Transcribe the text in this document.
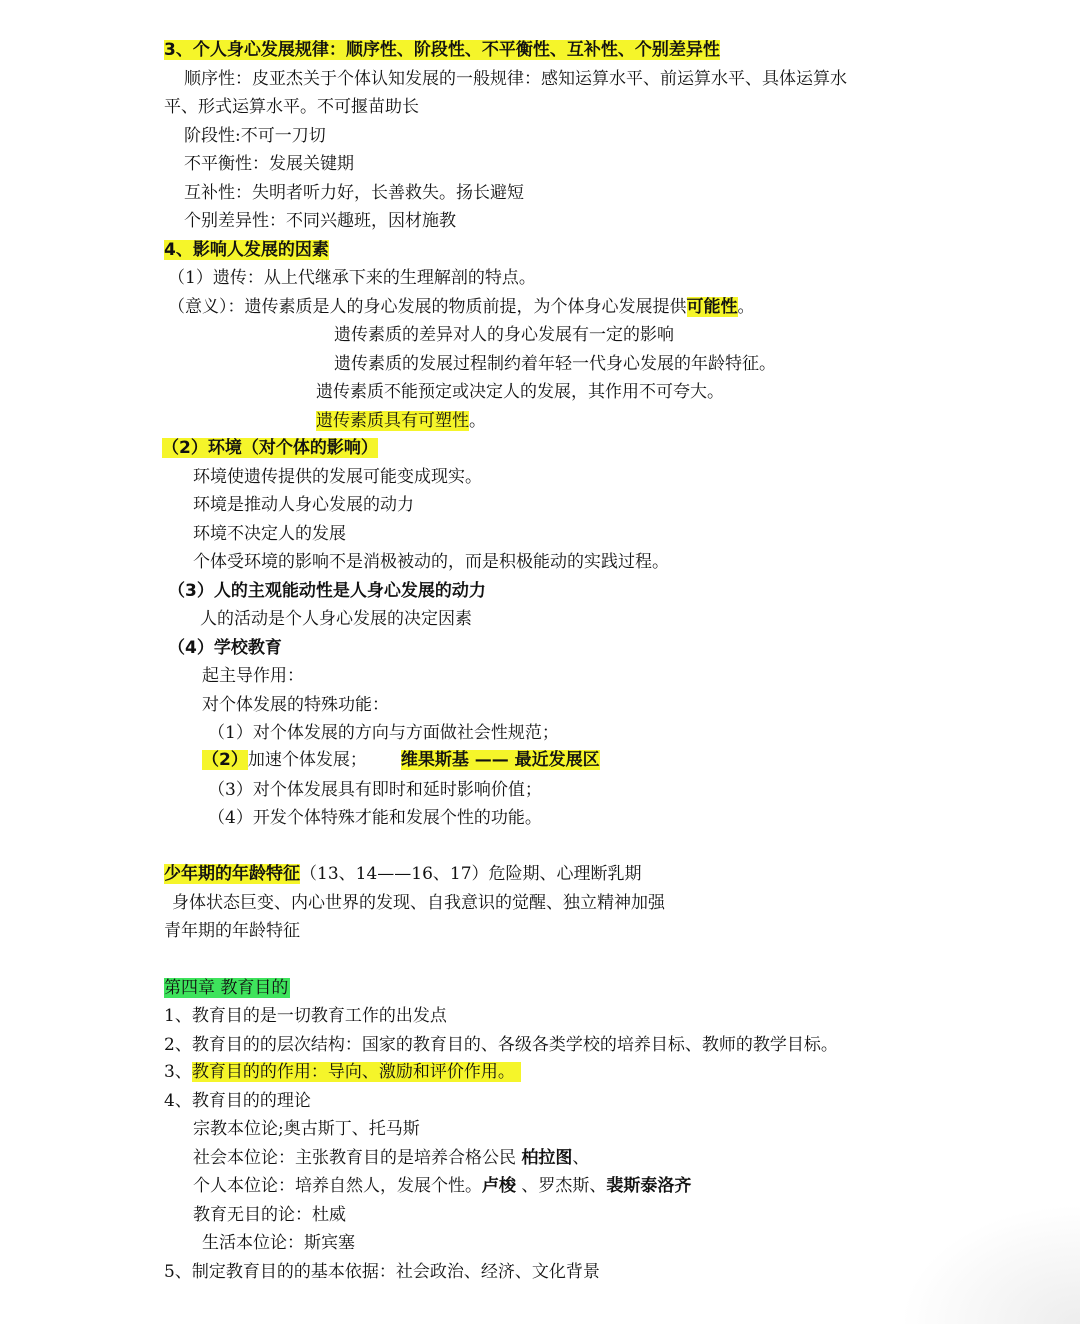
3、个人身心发展规律：顺序性、阶段性、不平衡性、互补性、个别差异性
顺序性：皮亚杰关于个体认知发展的一般规律：感知运算水平、前运算水平、具体运算水
平、形式运算水平。不可揠苗助长
阶段性:不可一刀切
不平衡性：发展关键期
互补性：失明者听力好，长善救失。扬长避短
个别差异性：不同兴趣班，因材施教
4、影响人发展的因素
（1）遗传：从上代继承下来的生理解剖的特点。
（意义）：遗传素质是人的身心发展的物质前提，为个体身心发展提供可能性。
遗传素质的差异对人的身心发展有一定的影响
遗传素质的发展过程制约着年轻一代身心发展的年龄特征。
遗传素质不能预定或决定人的发展，其作用不可夸大。
遗传素质具有可塑性。
（2）环境（对个体的影响）
环境使遗传提供的发展可能变成现实。
环境是推动人身心发展的动力
环境不决定人的发展
个体受环境的影响不是消极被动的，而是积极能动的实践过程。
（3）人的主观能动性是人身心发展的动力
人的活动是个人身心发展的决定因素
（4）学校教育
起主导作用：
对个体发展的特殊功能：
（1）对个体发展的方向与方面做社会性规范；
（2）加速个体发展； 维果斯基 —— 最近发展区
（3）对个体发展具有即时和延时影响价值；
（4）开发个体特殊才能和发展个性的功能。
少年期的年龄特征（13、14——16、17）危险期、心理断乳期
身体状态巨变、内心世界的发现、自我意识的觉醒、独立精神加强
青年期的年龄特征
第四章 教育目的
1、教育目的是一切教育工作的出发点
2、教育目的的层次结构：国家的教育目的、各级各类学校的培养目标、教师的教学目标。
3、教育目的的作用：导向、激励和评价作用。
4、教育目的的理论
宗教本位论;奥古斯丁、托马斯
社会本位论：主张教育目的是培养合格公民 柏拉图、
个人本位论：培养自然人，发展个性。卢梭 、罗杰斯、裴斯泰洛齐
教育无目的论：杜威
生活本位论：斯宾塞
5、制定教育目的的基本依据：社会政治、经济、文化背景
